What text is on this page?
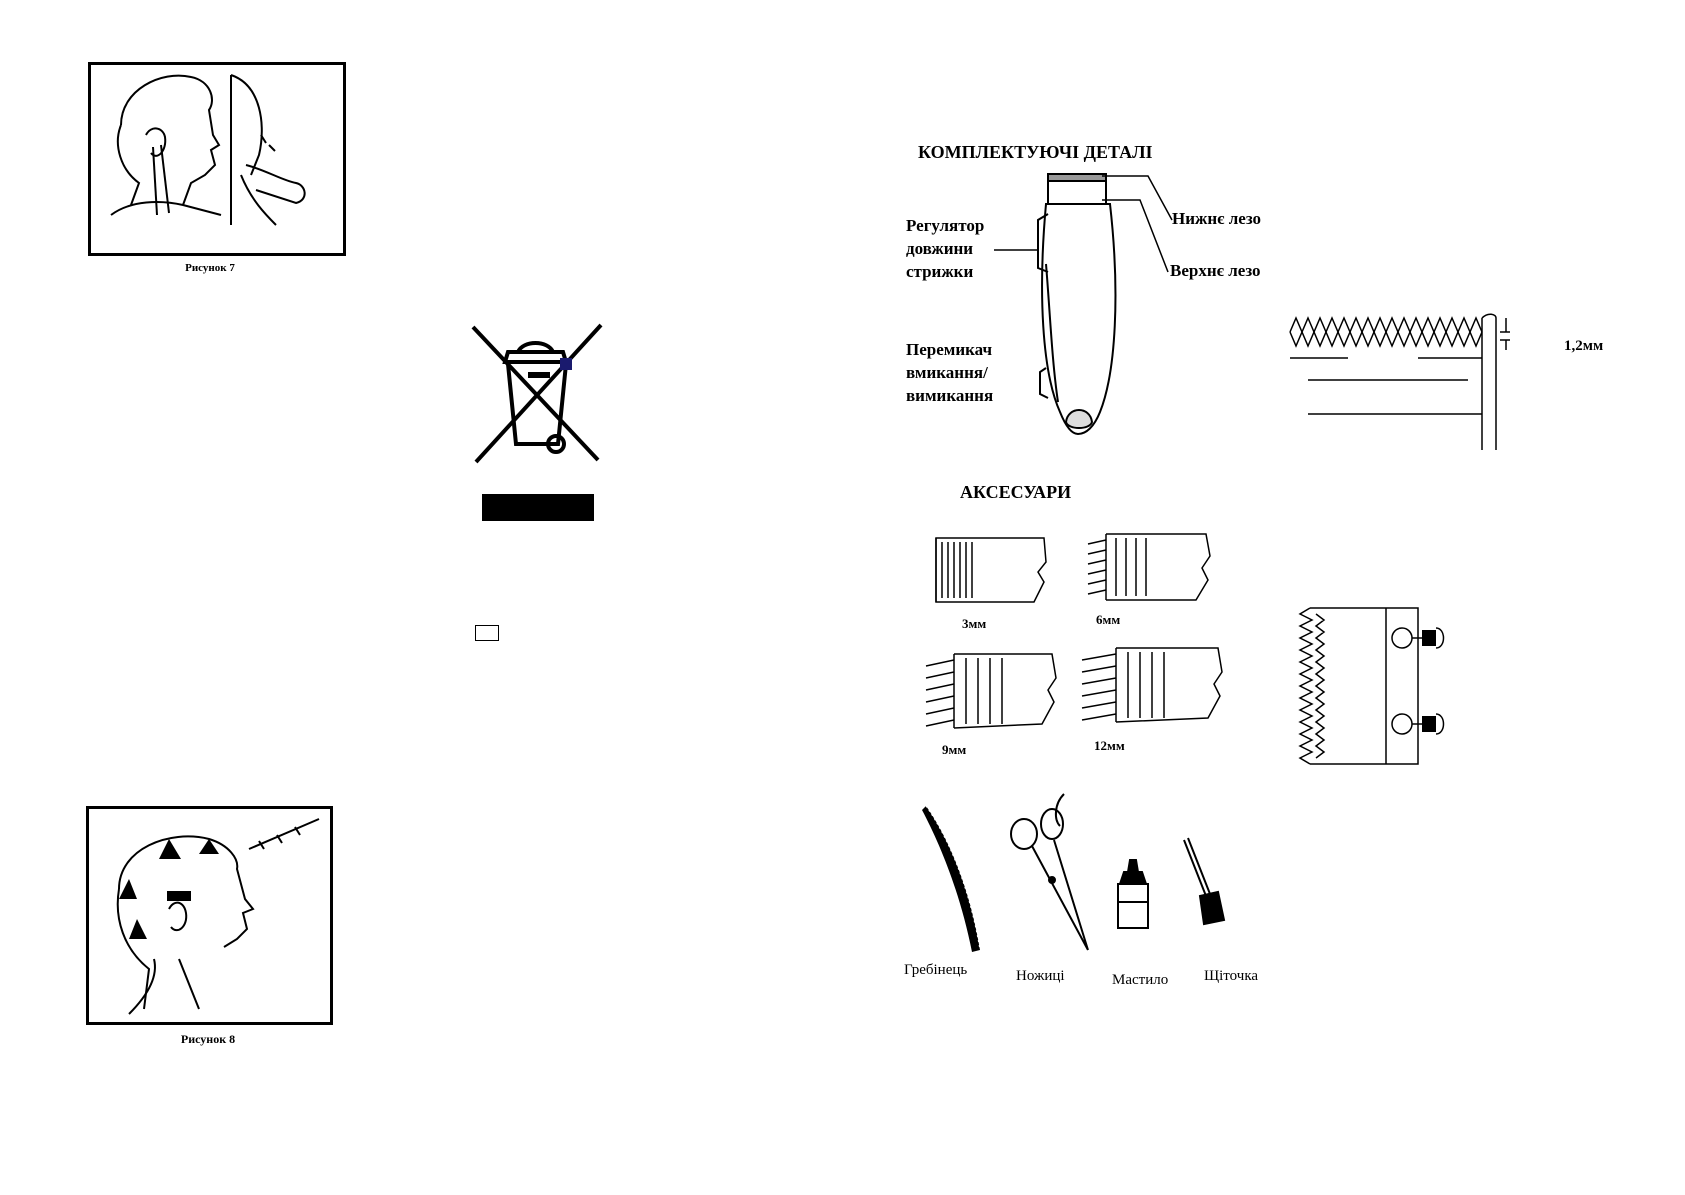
Рисунок 7
Рисунок 8
КОМПЛЕКТУЮЧІ ДЕТАЛІ
Регулятор
довжини
стрижки
Перемикач
вмикання/
вимикання
Нижнє лезо
Верхнє лезо
1,2мм
АКСЕСУАРИ
3мм	6мм
9мм	12мм
Гребінець	Ножиці	Мастило Щіточка
